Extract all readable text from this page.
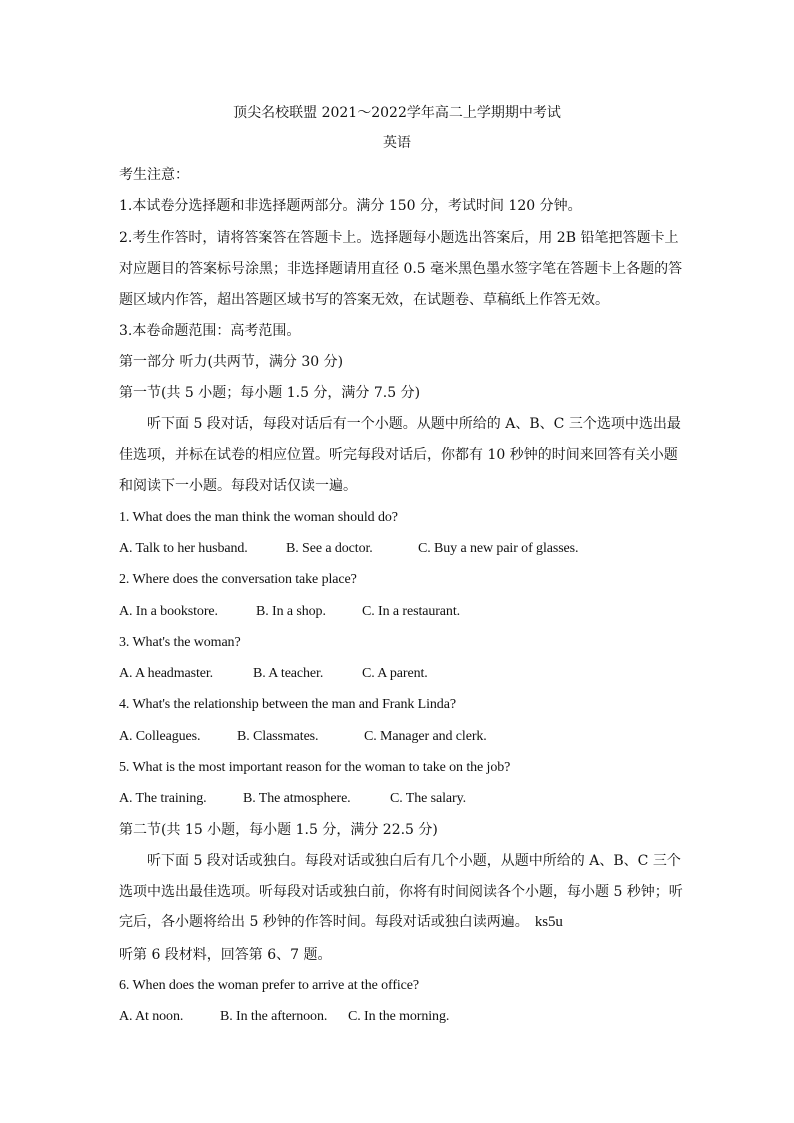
顶尖名校联盟 2021～2022学年高二上学期期中考试
英语
考生注意：
1.本试卷分选择题和非选择题两部分。满分 150 分，考试时间 120 分钟。
2.考生作答时，请将答案答在答题卡上。选择题每小题选出答案后，用 2B 铅笔把答题卡上
对应题目的答案标号涂黑；非选择题请用直径 0.5 毫米黑色墨水签字笔在答题卡上各题的答
题区域内作答，超出答题区域书写的答案无效，在试题卷、草稿纸上作答无效。
3.本卷命题范围：高考范围。
第一部分 听力(共两节，满分 30 分)
第一节(共 5 小题；每小题 1.5 分，满分 7.5 分)
听下面 5 段对话，每段对话后有一个小题。从题中所给的 A、B、C 三个选项中选出最
佳选项，并标在试卷的相应位置。听完每段对话后，你都有 10 秒钟的时间来回答有关小题
和阅读下一小题。每段对话仅读一遍。
1. What does the man think the woman should do?
A. Talk to her husband.	B. See a doctor.	C. Buy a new pair of glasses.
2. Where does the conversation take place?
A. In a bookstore.	B. In a shop.	C. In a restaurant.
3. What's the woman?
A. A headmaster.	B. A teacher.	C. A parent.
4. What's the relationship between the man and Frank Linda?
A. Colleagues.	B. Classmates.	C. Manager and clerk.
5. What is the most important reason for the woman to take on the job?
A. The training.	B. The atmosphere.	C. The salary.
第二节(共 15 小题，每小题 1.5 分，满分 22.5 分)
听下面 5 段对话或独白。每段对话或独白后有几个小题，从题中所给的 A、B、C 三个
选项中选出最佳选项。听每段对话或独白前，你将有时间阅读各个小题，每小题 5 秒钟；听
完后，各小题将给出 5 秒钟的作答时间。每段对话或独白读两遍。 ks5u
听第 6 段材料，回答第 6、7 题。
6. When does the woman prefer to arrive at the office?
A. At noon.	B. In the afternoon. C. In the morning.
